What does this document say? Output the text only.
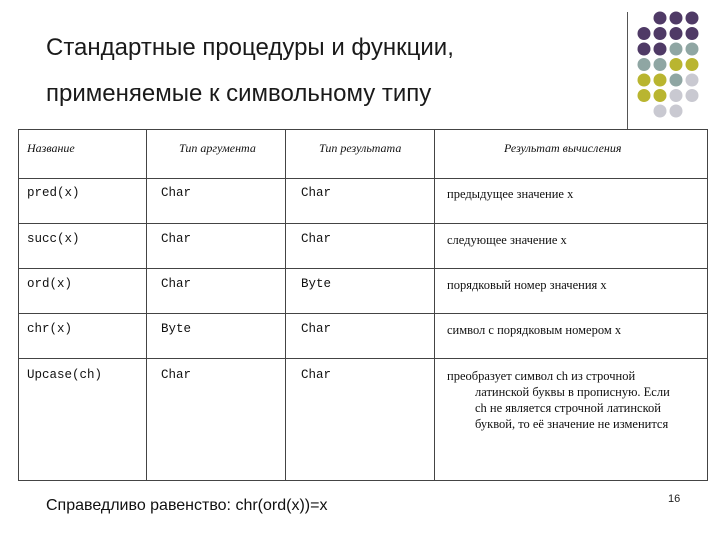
Стандартные процедуры и функции,
применяемые к символьному типу
Название	Тип аргумента	Тип результата	Результат вычисления
pred(x)	Char	Char	предыдущее значение x
succ(x)	Char	Char	следующее значение x
ord(x)	Char	Byte	порядковый номер значения x
chr(x)	Byte	Char	символ с порядковым номером x
Upcase(ch)	Char	Char	преобразует символ ch из строчной
латинской буквы в прописную. Если
ch не является строчной латинской
буквой, то её значение не изменится
Справедливо равенство: chr(ord(x))=x	16
